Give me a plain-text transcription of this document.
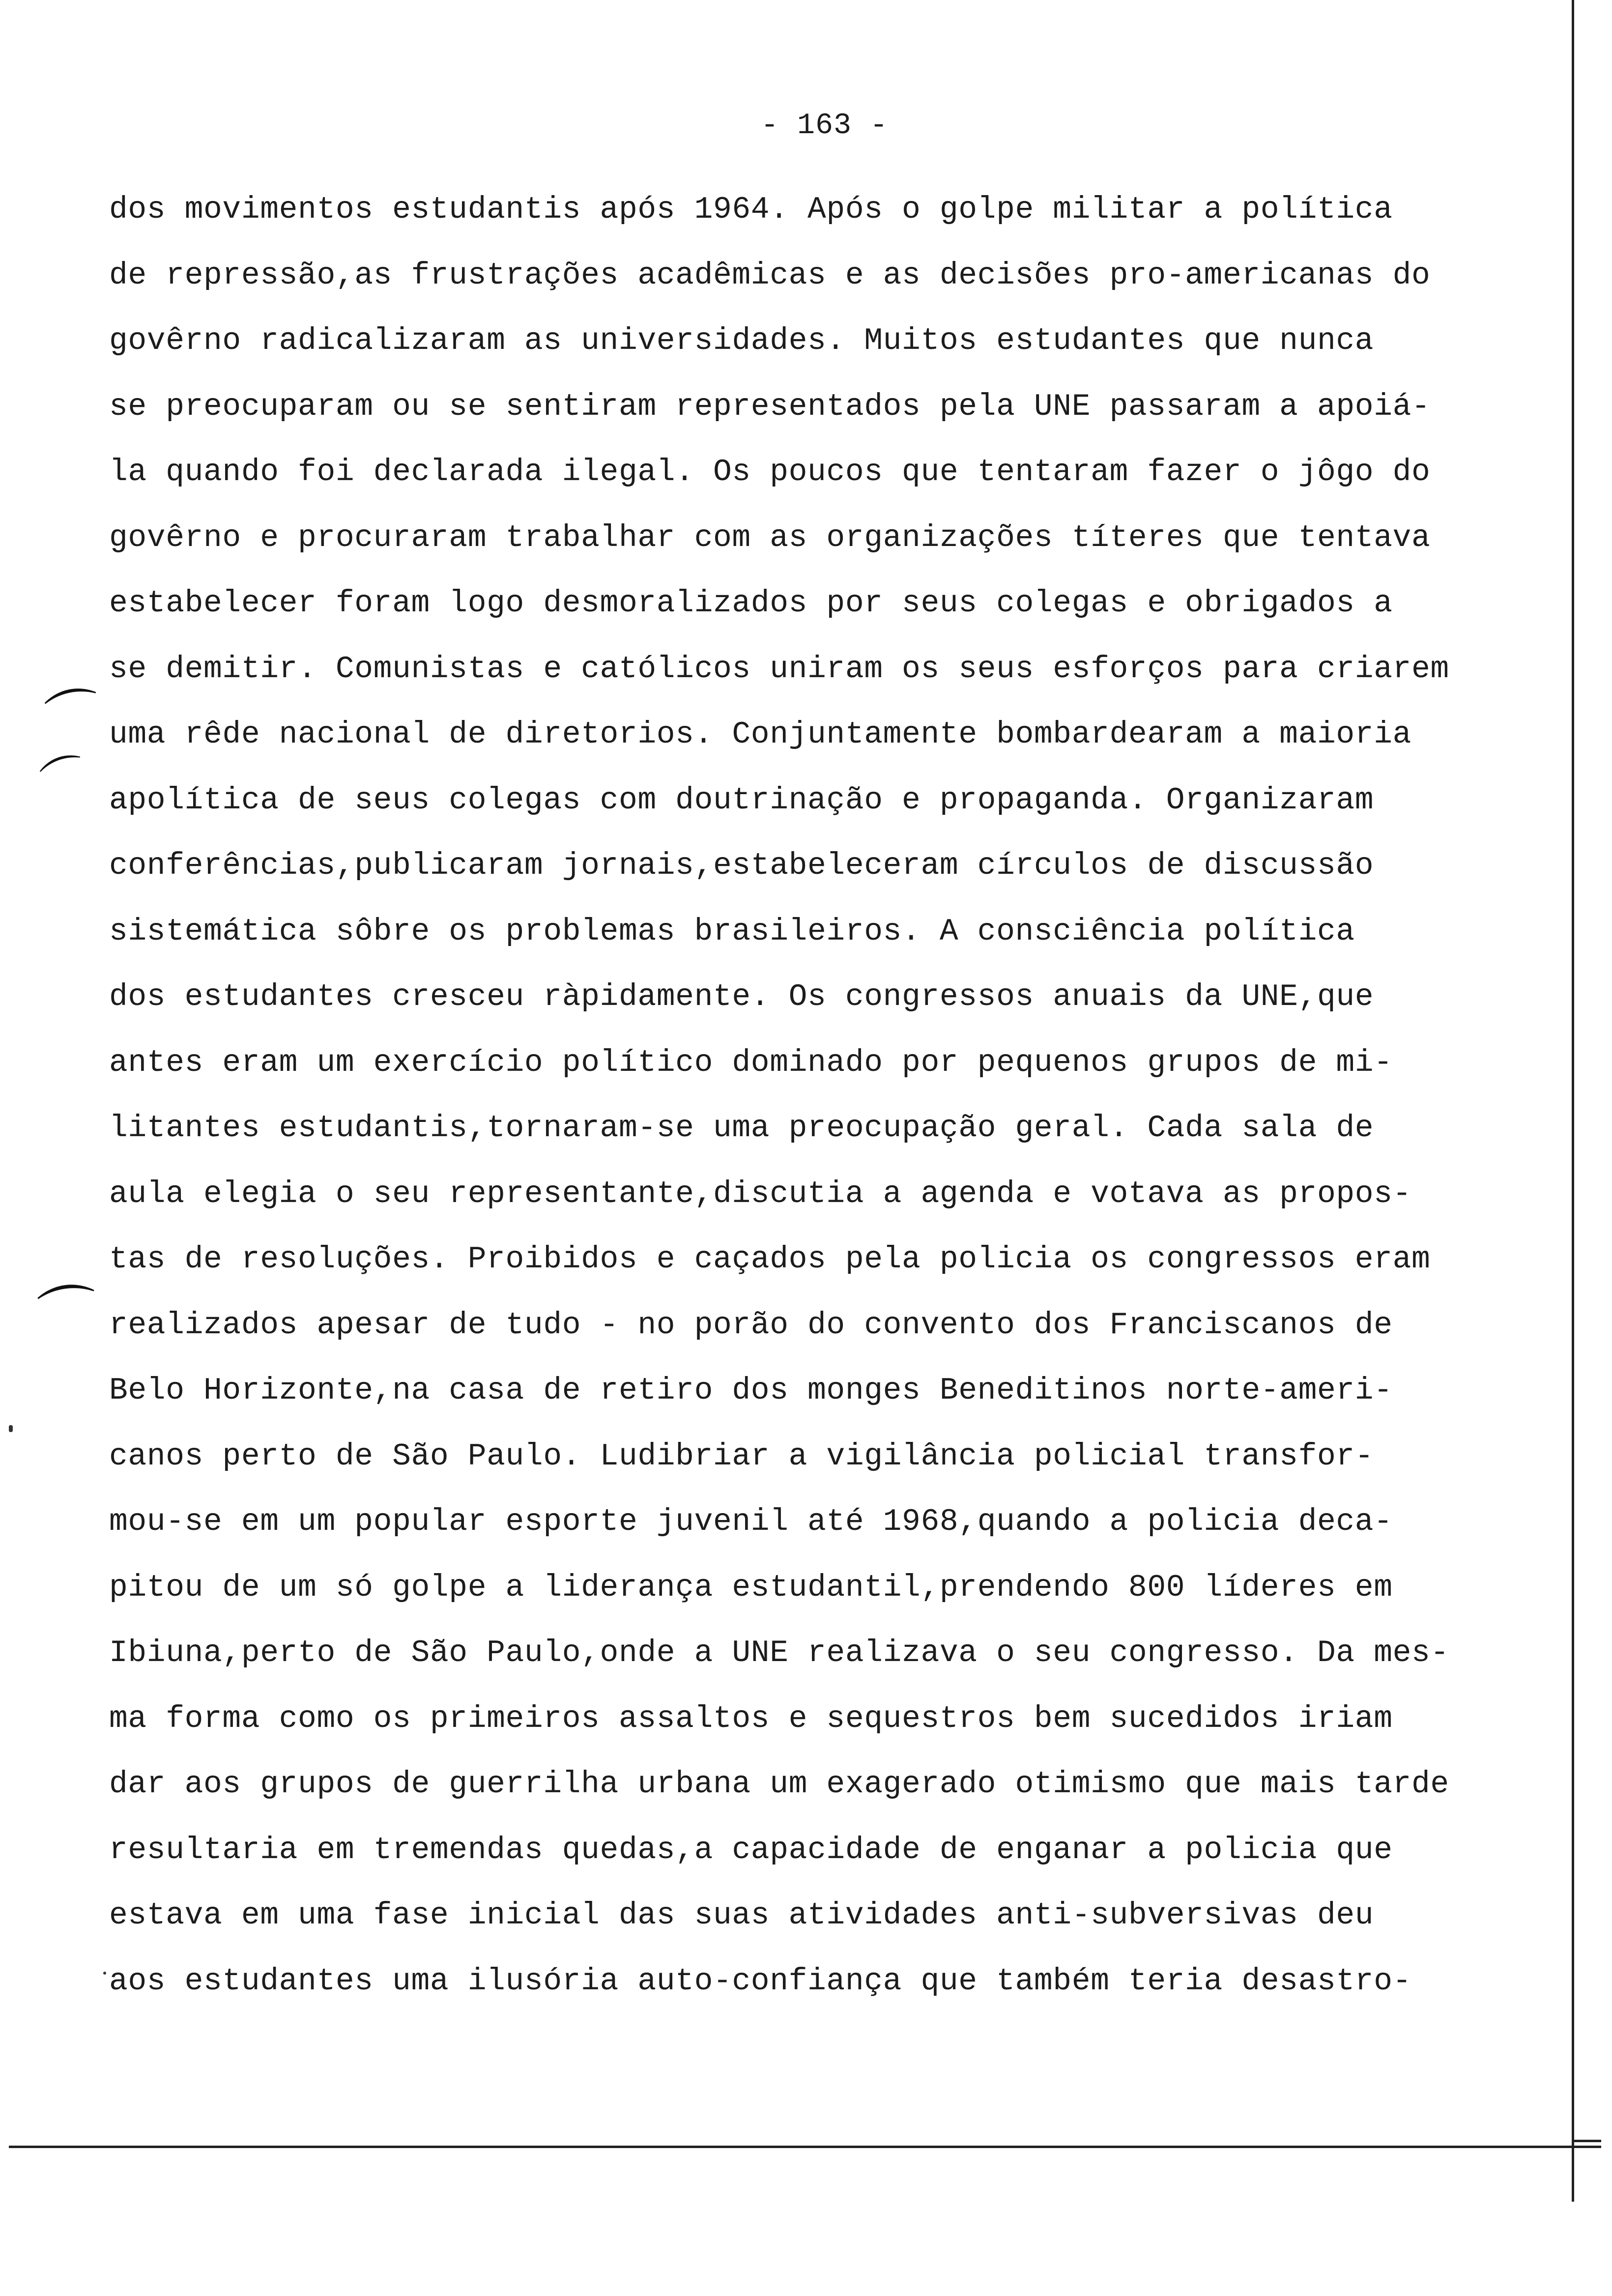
- 163 -
dos movimentos estudantis após 1964. Após o golpe militar a política
de repressão,as frustrações acadêmicas e as decisões pro-americanas do
govêrno radicalizaram as universidades. Muitos estudantes que nunca
se preocuparam ou se sentiram representados pela UNE passaram a apoiá-
la quando foi declarada ilegal. Os poucos que tentaram fazer o jôgo do
govêrno e procuraram trabalhar com as organizações títeres que tentava
estabelecer foram logo desmoralizados por seus colegas e obrigados a
se demitir. Comunistas e católicos uniram os seus esforços para criarem
uma rêde nacional de diretorios. Conjuntamente bombardearam a maioria
apolítica de seus colegas com doutrinação e propaganda. Organizaram
conferências,publicaram jornais,estabeleceram círculos de discussão
sistemática sôbre os problemas brasileiros. A consciência política
dos estudantes cresceu ràpidamente. Os congressos anuais da UNE,que
antes eram um exercício político dominado por pequenos grupos de mi-
litantes estudantis,tornaram-se uma preocupação geral. Cada sala de
aula elegia o seu representante,discutia a agenda e votava as propos-
tas de resoluções. Proibidos e caçados pela policia os congressos eram
realizados apesar de tudo - no porão do convento dos Franciscanos de
Belo Horizonte,na casa de retiro dos monges Beneditinos norte-ameri-
canos perto de São Paulo. Ludibriar a vigilância policial transfor-
mou-se em um popular esporte juvenil até 1968,quando a policia deca-
pitou de um só golpe a liderança estudantil,prendendo 800 líderes em
Ibiuna,perto de São Paulo,onde a UNE realizava o seu congresso. Da mes-
ma forma como os primeiros assaltos e sequestros bem sucedidos iriam
dar aos grupos de guerrilha urbana um exagerado otimismo que mais tarde
resultaria em tremendas quedas,a capacidade de enganar a policia que
estava em uma fase inicial das suas atividades anti-subversivas deu
aos estudantes uma ilusória auto-confiança que também teria desastro-
⌒
⌒
⌒
